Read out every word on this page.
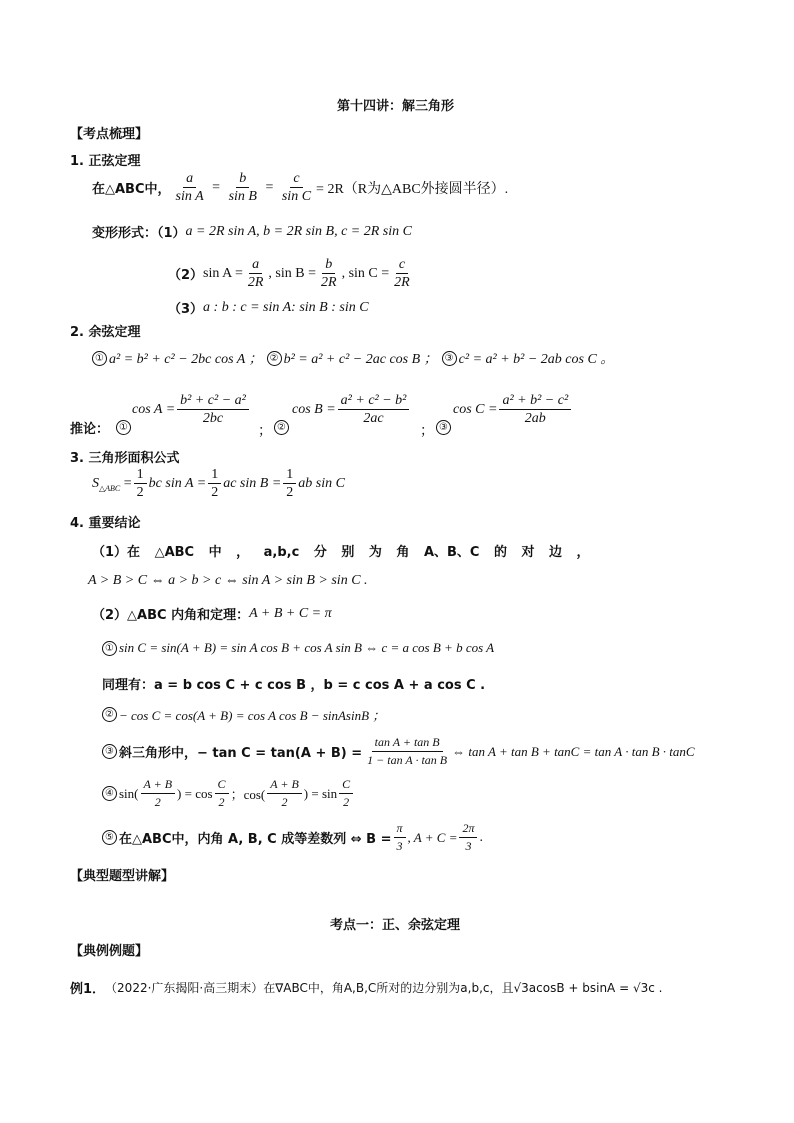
第十四讲：解三角形
【考点梳理】
1. 正弦定理
在△ABC中， $\frac{a}{\text{sin A}} = \frac{b}{\text{sin B}} = \frac{c}{\text{sin C}} = 2R(R$为△ABC外接圆半径）.
变形形式：（1） a = 2R sin A, b = 2R sin B, c = 2R sin C
（2） $\sin A = \frac{a}{2R}$ , $\sin B = \frac{b}{2R}$ , $\sin C = \frac{c}{2R}$
（3） a : b : c = sin A: sin B : sin C
2. 余弦定理
① a² = b² + c² − 2bc cos A ； ② b² = a² + c² − 2ac cos B ； ③ c² = a² + b² − 2ab cos C 。
推论：	①
$\cos A = \frac{\text{b² + c² − a²}}{2bc}$
； ②
$\cos B = \frac{\text{a² + c² − b²}}{2ac}$
； ③
$\cos C = \frac{\text{a² + b² − c²}}{2ab}$
3. 三角形面积公式
S △ABC
= $\frac{1}{2}$ bc $\sin A = \frac{1}{2}$ ac $\sin B = \frac{1}{2}$ ab sin C
4. 重要结论
（1）在 △ABC 中 ， a,b,c 分 别 为 角 A、B、C 的 对 边 ，
A > B > C ⇔ a > b > c ⇔ sin A > sin B > sin C .
（2）△ABC 内角和定理： A + B + C = π
① sin C = sin(A + B) = sin A cos B + cos A sin B ⇔ c = a cos B + b cos A
同理有：a = b cos C + c cos B ，b = c cos A + a cos C .
② − cos C = cos(A + B) = cos A cos B − sinAsinB ；
③ 斜三角形中，− $\tan C = \tan(A + B) = \frac{\text{tan A + tan B}}{\text{1 − tan A · tan B}}$ ⇔ tan A + tan B + tanC = tan A · tan B · tanC
④ $\sin( \frac{A + B}{2}$ ) = $\cos \frac{C}{2}$ ；$\cos( \frac{A + B}{2}$ ) = $\sin \frac{C}{2}$
⑤ 在△ABC中，内角 A, B, C 成等差数列 ⇔ $B = \frac{\pi}{3}$ , $A + C = \frac{2\pi}{3}$ .
【典型题型讲解】
考点一：正、余弦定理
【典例例题】
例1． （2022·广东揭阳·高三期末）在∇ABC中，角A,B,C所对的边分别为a,b,c，且√3acosB + bsinA = √3c .
